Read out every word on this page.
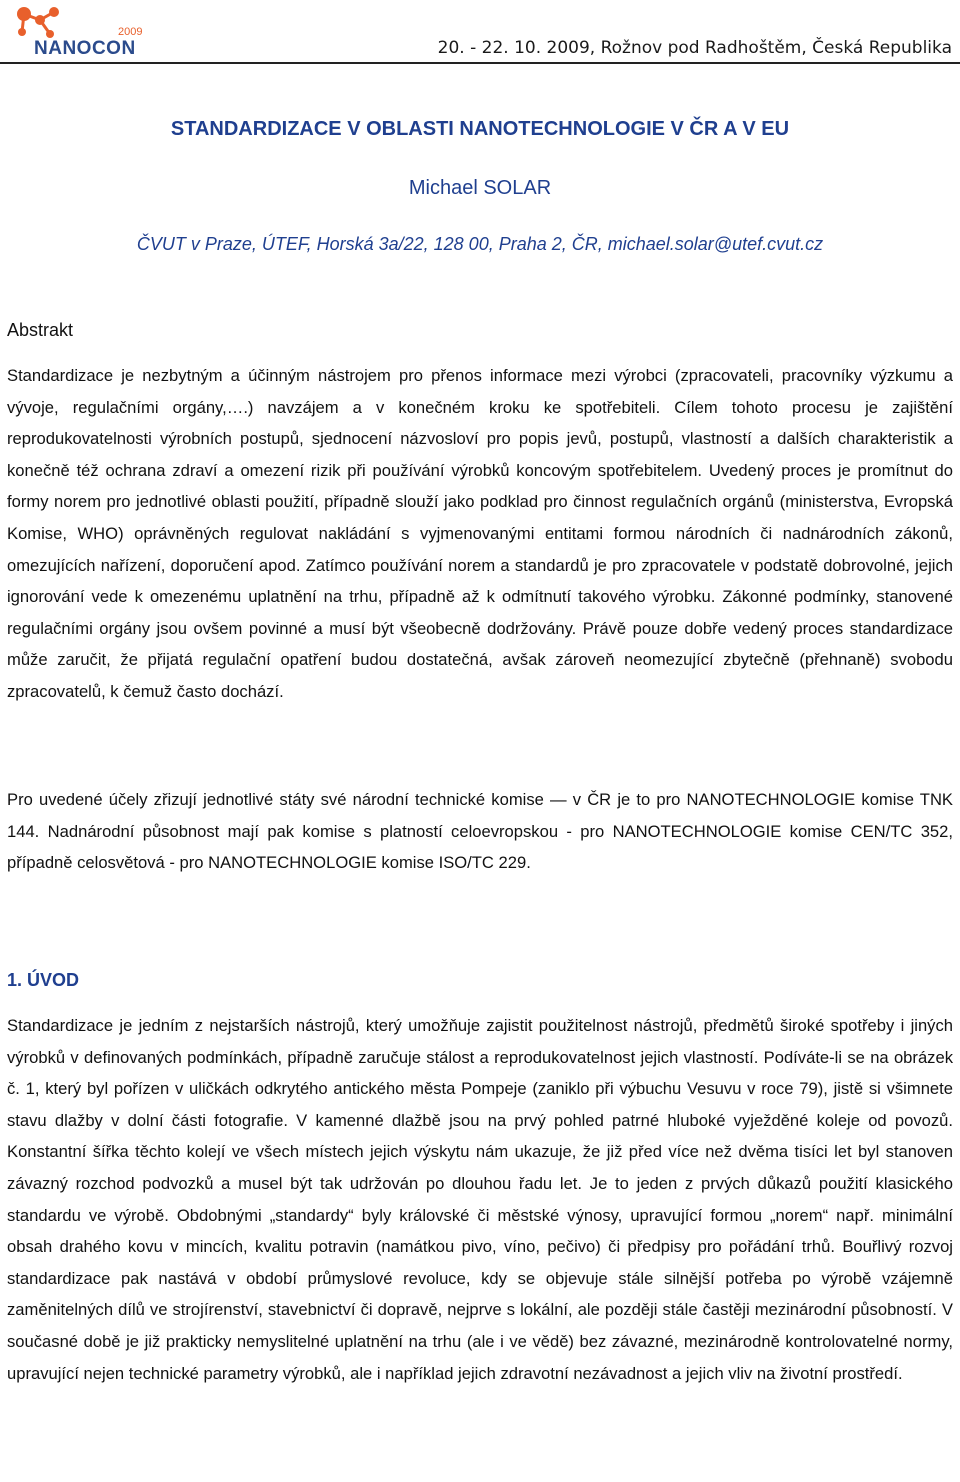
2009
NANOCON	20. - 22. 10. 2009, Rožnov pod Radhoštěm, Česká Republika
STANDARDIZACE V OBLASTI NANOTECHNOLOGIE V ČR A V EU
Michael SOLAR
ČVUT v Praze, ÚTEF, Horská 3a/22, 128 00, Praha 2, ČR, michael.solar@utef.cvut.cz
Abstrakt

Standardizace je nezbytným a účinným nástrojem pro přenos informace mezi výrobci (zpracovateli, pracovníky výzkumu a vývoje, regulačními orgány,….) navzájem a v konečném kroku ke spotřebiteli. Cílem tohoto procesu je zajištění reprodukovatelnosti výrobních postupů, sjednocení názvosloví pro popis jevů, postupů, vlastností a dalších charakteristik a konečně též ochrana zdraví a omezení rizik při používání výrobků koncovým spotřebitelem. Uvedený proces je promítnut do formy norem pro jednotlivé oblasti použití, případně slouží jako podklad pro činnost regulačních orgánů (ministerstva, Evropská Komise, WHO) oprávněných regulovat nakládání s vyjmenovanými entitami formou národních či nadnárodních zákonů, omezujících nařízení, doporučení apod. Zatímco používání norem a standardů je pro zpracovatele v podstatě dobrovolné, jejich ignorování vede k omezenému uplatnění na trhu, případně až k odmítnutí takového výrobku. Zákonné podmínky, stanovené regulačními orgány jsou ovšem povinné a musí být všeobecně dodržovány. Právě pouze dobře vedený proces standardizace může zaručit, že přijatá regulační opatření budou dostatečná, avšak zároveň neomezující zbytečně (přehnaně) svobodu zpracovatelů, k čemuž často dochází.

Pro uvedené účely zřizují jednotlivé státy své národní technické komise — v ČR je to pro NANOTECHNOLOGIE komise TNK 144. Nadnárodní působnost mají pak komise s platností celoevropskou - pro NANOTECHNOLOGIE komise CEN/TC 352, případně celosvětová - pro NANOTECHNOLOGIE komise ISO/TC 229.

1. ÚVOD

Standardizace je jedním z nejstarších nástrojů, který umožňuje zajistit použitelnost nástrojů, předmětů široké spotřeby i jiných výrobků v definovaných podmínkách, případně zaručuje stálost a reprodukovatelnost jejich vlastností. Podíváte-li se na obrázek č. 1, který byl pořízen v uličkách odkrytého antického města Pompeje (zaniklo při výbuchu Vesuvu v roce 79), jistě si všimnete stavu dlažby v dolní části fotografie. V kamenné dlažbě jsou na prvý pohled patrné hluboké vyježděné koleje od povozů. Konstantní šířka těchto kolejí ve všech místech jejich výskytu nám ukazuje, že již před více než dvěma tisíci let byl stanoven závazný rozchod podvozků a musel být tak udržován po dlouhou řadu let. Je to jeden z prvých důkazů použití klasického standardu ve výrobě. Obdobnými „standardy“ byly královské či městské výnosy, upravující formou „norem“ např. minimální obsah drahého kovu v mincích, kvalitu potravin (namátkou pivo, víno, pečivo) či předpisy pro pořádání trhů. Bouřlivý rozvoj standardizace pak nastává v období průmyslové revoluce, kdy se objevuje stále silnější potřeba po výrobě vzájemně zaměnitelných dílů ve strojírenství, stavebnictví či dopravě, nejprve s lokální, ale později stále častěji mezinárodní působností. V současné době je již prakticky nemyslitelné uplatnění na trhu (ale i ve vědě) bez závazné, mezinárodně kontrolovatelné normy, upravující nejen technické parametry výrobků, ale i například jejich zdravotní nezávadnost a jejich vliv na životní prostředí.
